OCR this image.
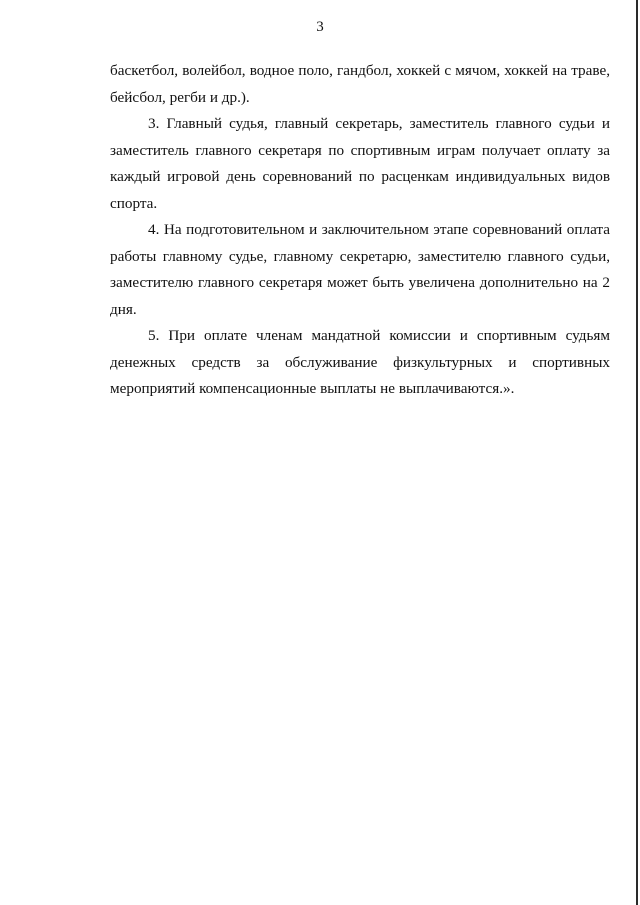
3

баскетбол, волейбол, водное поло, гандбол, хоккей с мячом, хоккей на траве, бейсбол, регби и др.).

3. Главный судья, главный секретарь, заместитель главного судьи и заместитель главного секретаря по спортивным играм получает оплату за каждый игровой день соревнований по расценкам индивидуальных видов спорта.

4. На подготовительном и заключительном этапе соревнований оплата работы главному судье, главному секретарю, заместителю главного судьи, заместителю главного секретаря может быть увеличена дополнительно на 2 дня.

5. При оплате членам мандатной комиссии и спортивным судьям денежных средств за обслуживание физкультурных и спортивных мероприятий компенсационные выплаты не выплачиваются.».
